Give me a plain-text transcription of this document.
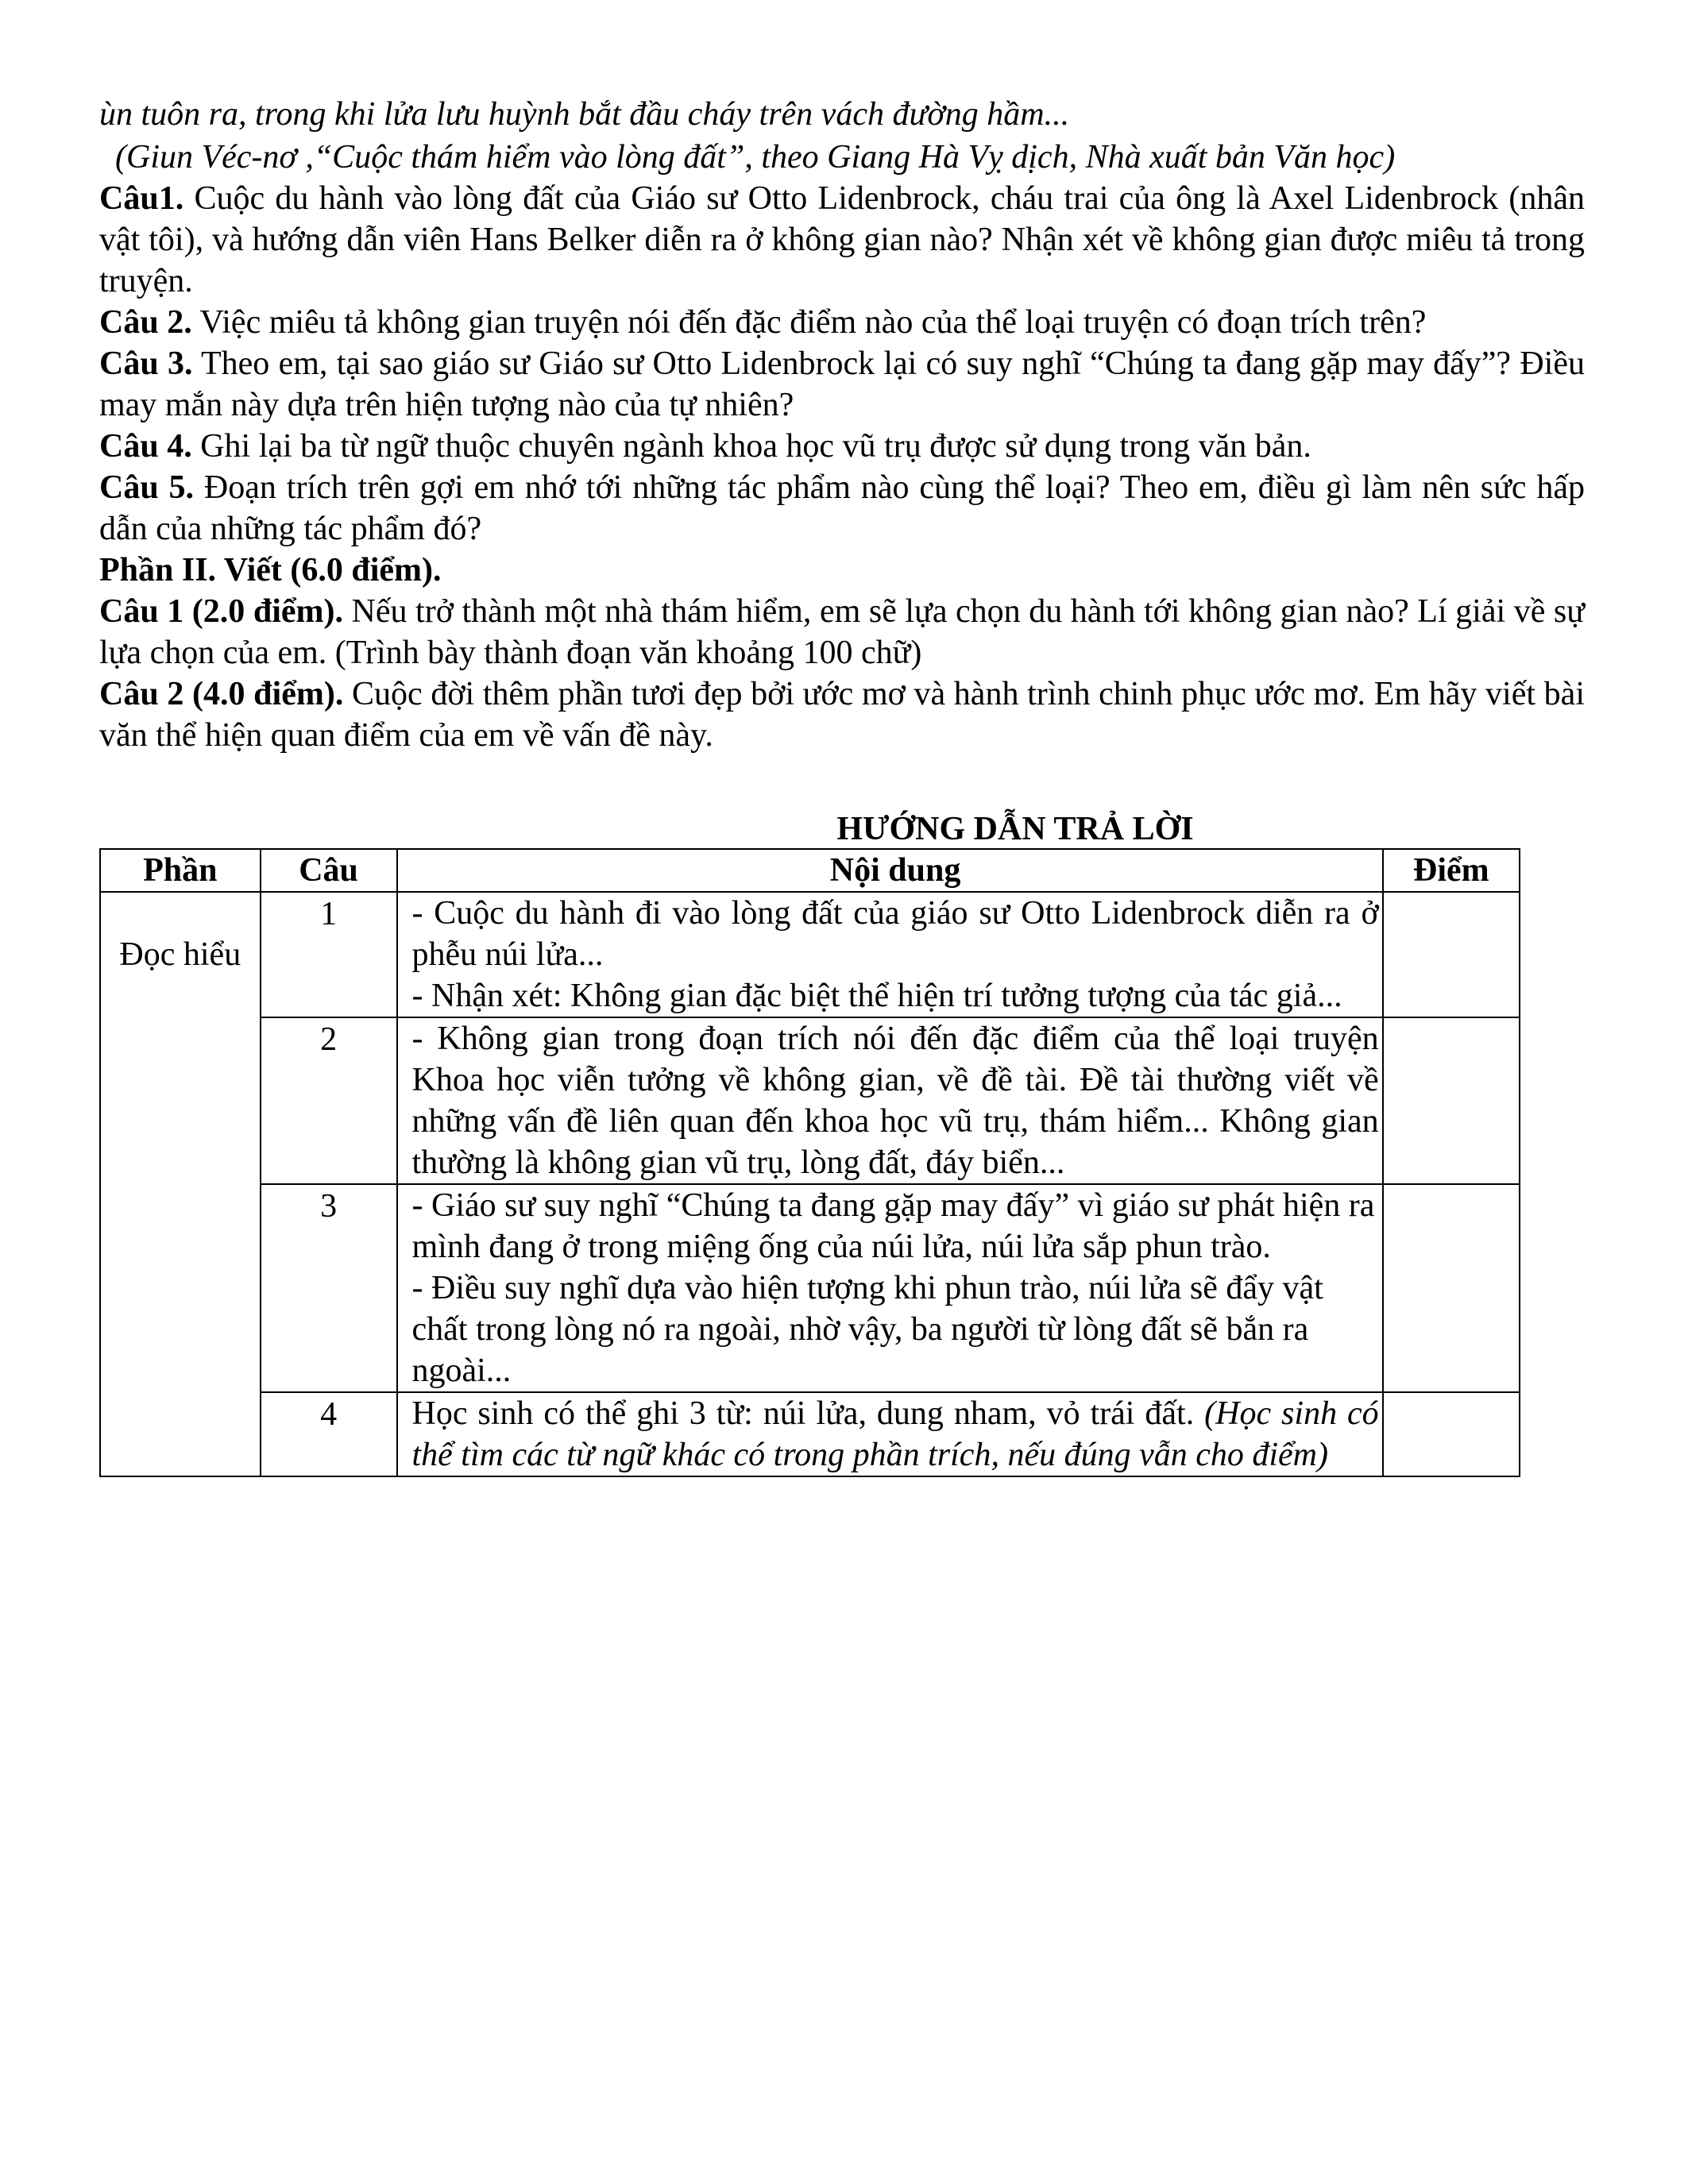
ùn tuôn ra, trong khi lửa lưu huỳnh bắt đầu cháy trên vách đường hầm...

(Giun Véc-nơ ,“Cuộc thám hiểm vào lòng đất”, theo Giang Hà Vỵ dịch, Nhà xuất bản Văn học)

Câu1. Cuộc du hành vào lòng đất của Giáo sư Otto Lidenbrock, cháu trai của ông là Axel Lidenbrock (nhân vật tôi), và hướng dẫn viên Hans Belker diễn ra ở không gian nào? Nhận xét về không gian được miêu tả trong truyện.

Câu 2. Việc miêu tả không gian truyện nói đến đặc điểm nào của thể loại truyện có đoạn trích trên?

Câu 3. Theo em, tại sao giáo sư Giáo sư Otto Lidenbrock lại có suy nghĩ “Chúng ta đang gặp may đấy”? Điều may mắn này dựa trên hiện tượng nào của tự nhiên?

Câu 4. Ghi lại ba từ ngữ thuộc chuyên ngành khoa học vũ trụ được sử dụng trong văn bản.

Câu 5. Đoạn trích trên gợi em nhớ tới những tác phẩm nào cùng thể loại? Theo em, điều gì làm nên sức hấp dẫn của những tác phẩm đó?

Phần II. Viết (6.0 điểm).

Câu 1 (2.0 điểm). Nếu trở thành một nhà thám hiểm, em sẽ lựa chọn du hành tới không gian nào? Lí giải về sự lựa chọn của em. (Trình bày thành đoạn văn khoảng 100 chữ)

Câu 2 (4.0 điểm). Cuộc đời thêm phần tươi đẹp bởi ước mơ và hành trình chinh phục ước mơ. Em hãy viết bài văn thể hiện quan điểm của em về vấn đề này.

HƯỚNG DẪN TRẢ LỜI
Phần	Câu	Nội dung	Điểm
Đọc hiểu	1	- Cuộc du hành đi vào lòng đất của giáo sư Otto Lidenbrock diễn ra ở phễu núi lửa...
- Nhận xét: Không gian đặc biệt thể hiện trí tưởng tượng của tác giả...	

	2	- Không gian trong đoạn trích nói đến đặc điểm của thể loại truyện Khoa học viễn tưởng về không gian, về đề tài. Đề tài thường viết về những vấn đề liên quan đến khoa học vũ trụ, thám hiểm... Không gian thường là không gian vũ trụ, lòng đất, đáy biển...	

	3	- Giáo sư suy nghĩ “Chúng ta đang gặp may đấy” vì giáo sư phát hiện ra mình đang ở trong miệng ống của núi lửa, núi lửa sắp phun trào.
- Điều suy nghĩ dựa vào hiện tượng khi phun trào, núi lửa sẽ đẩy vật chất trong lòng nó ra ngoài, nhờ vậy, ba người từ lòng đất sẽ bắn ra ngoài...	

	4	Học sinh có thể ghi 3 từ: núi lửa, dung nham, vỏ trái đất. (Học sinh có thể tìm các từ ngữ khác có trong phần trích, nếu đúng vẫn cho điểm)	
